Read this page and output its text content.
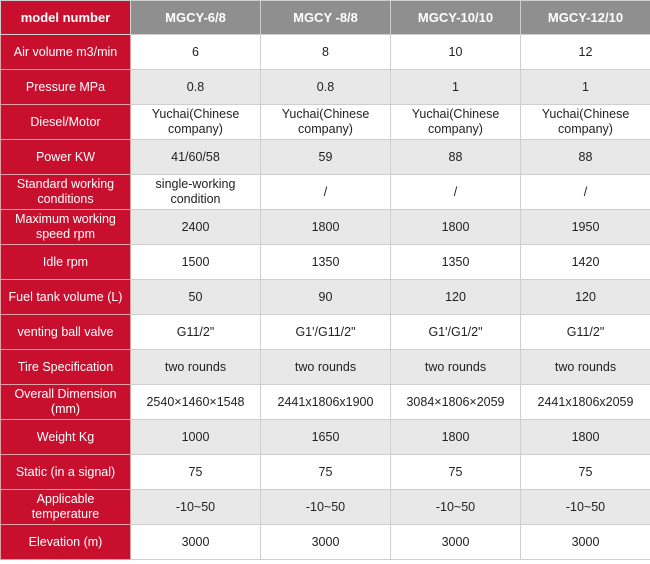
model number	MGCY-6/8	MGCY -8/8	MGCY-10/10	MGCY-12/10
Air volume m3/min	6	8	10	12
Pressure MPa	0.8	0.8	1	1
Diesel/Motor	Yuchai(Chinese company)	Yuchai(Chinese company)	Yuchai(Chinese company)	Yuchai(Chinese company)
Power KW	41/60/58	59	88	88
Standard working conditions	single-working condition	/	/	/
Maximum working speed rpm	2400	1800	1800	1950
Idle rpm	1500	1350	1350	1420
Fuel tank volume (L)	50	90	120	120
venting ball valve	G11/2"	G1'/G11/2"	G1'/G1/2"	G11/2"
Tire Specification	two rounds	two rounds	two rounds	two rounds
Overall Dimension (mm)	2540×1460×1548	2441x1806x1900	3084×1806×2059	2441x1806x2059
Weight Kg	1000	1650	1800	1800
Static (in a signal)	75	75	75	75
Applicable temperature	-10~50	-10~50	-10~50	-10~50
Elevation (m)	3000	3000	3000	3000
